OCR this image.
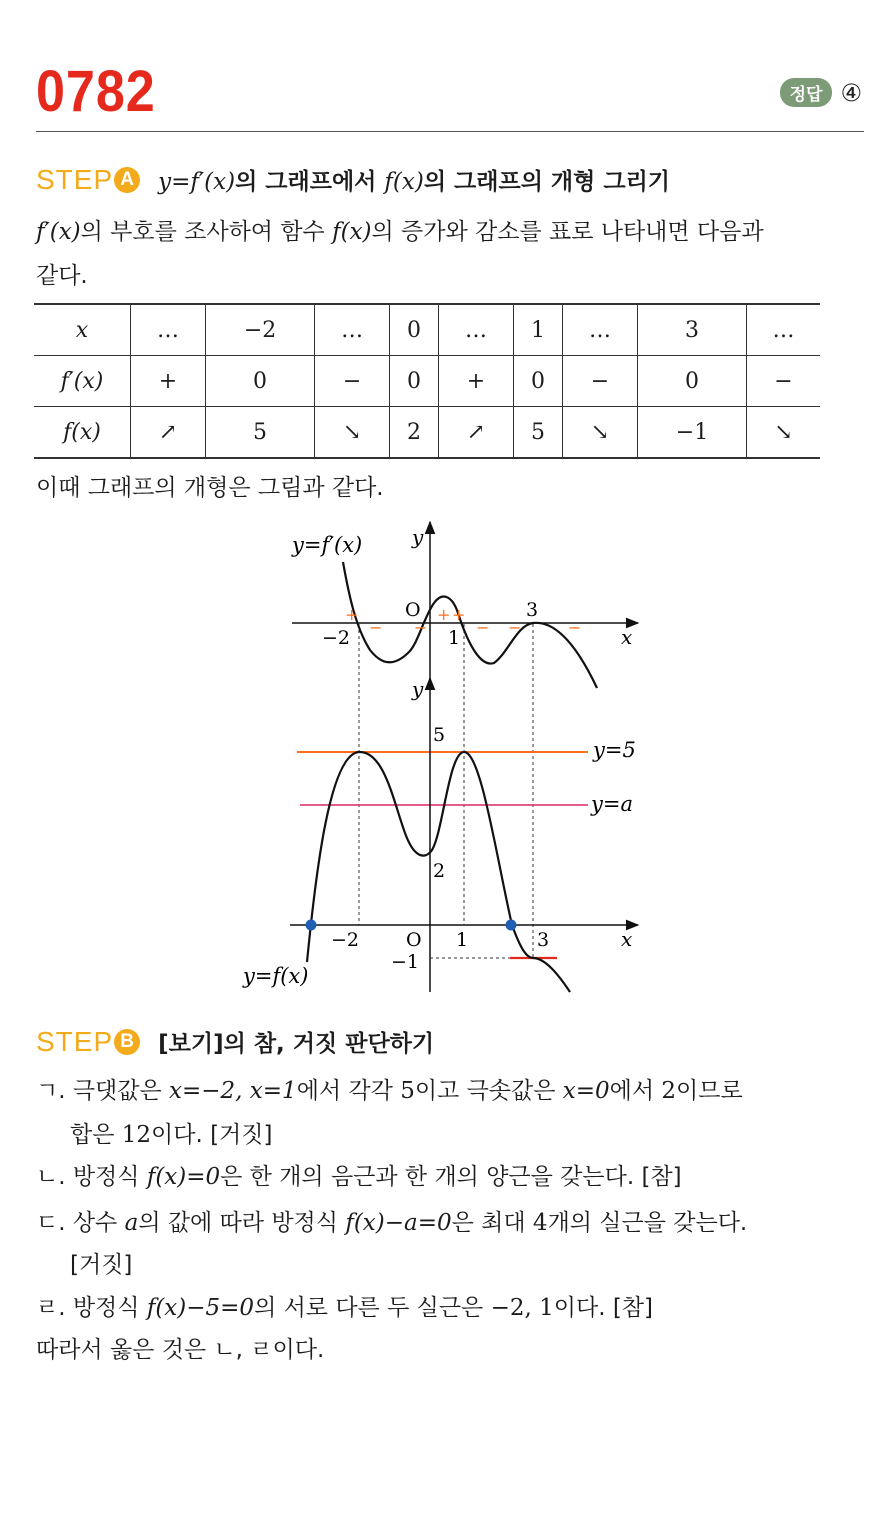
0782	정답 ④
STEP A y=f′(x)의 그래프에서 f(x)의 그래프의 개형 그리기
f′(x)의 부호를 조사하여 함수 f(x)의 증가와 감소를 표로 나타내면 다음과
같다.
x	…	−2	…	0	…	1	…	3	…
f′(x)	+	0	−	0	+	0	−	0	−
f(x)	↗	5	↘	2	↗	5	↘	−1	↘
이때 그래프의 개형은 그림과 같다.
y=f′(x) y
x
O
−2	1
3
+
− −
+ +
− −	−
y=5
y=a
y
x
5
2
−1
−2 O 1	3
y=f(x)
STEP B [보기]의 참, 거짓 판단하기
ㄱ. 극댓값은 x=−2, x=1에서 각각 5이고 극솟값은 x=0에서 2이므로
합은 12이다. [거짓]
ㄴ. 방정식 f(x)=0은 한 개의 음근과 한 개의 양근을 갖는다. [참]
ㄷ. 상수 a의 값에 따라 방정식 f(x)−a=0은 최대 4개의 실근을 갖는다.
[거짓]
ㄹ. 방정식 f(x)−5=0의 서로 다른 두 실근은 −2, 1이다. [참]
따라서 옳은 것은 ㄴ, ㄹ이다.
